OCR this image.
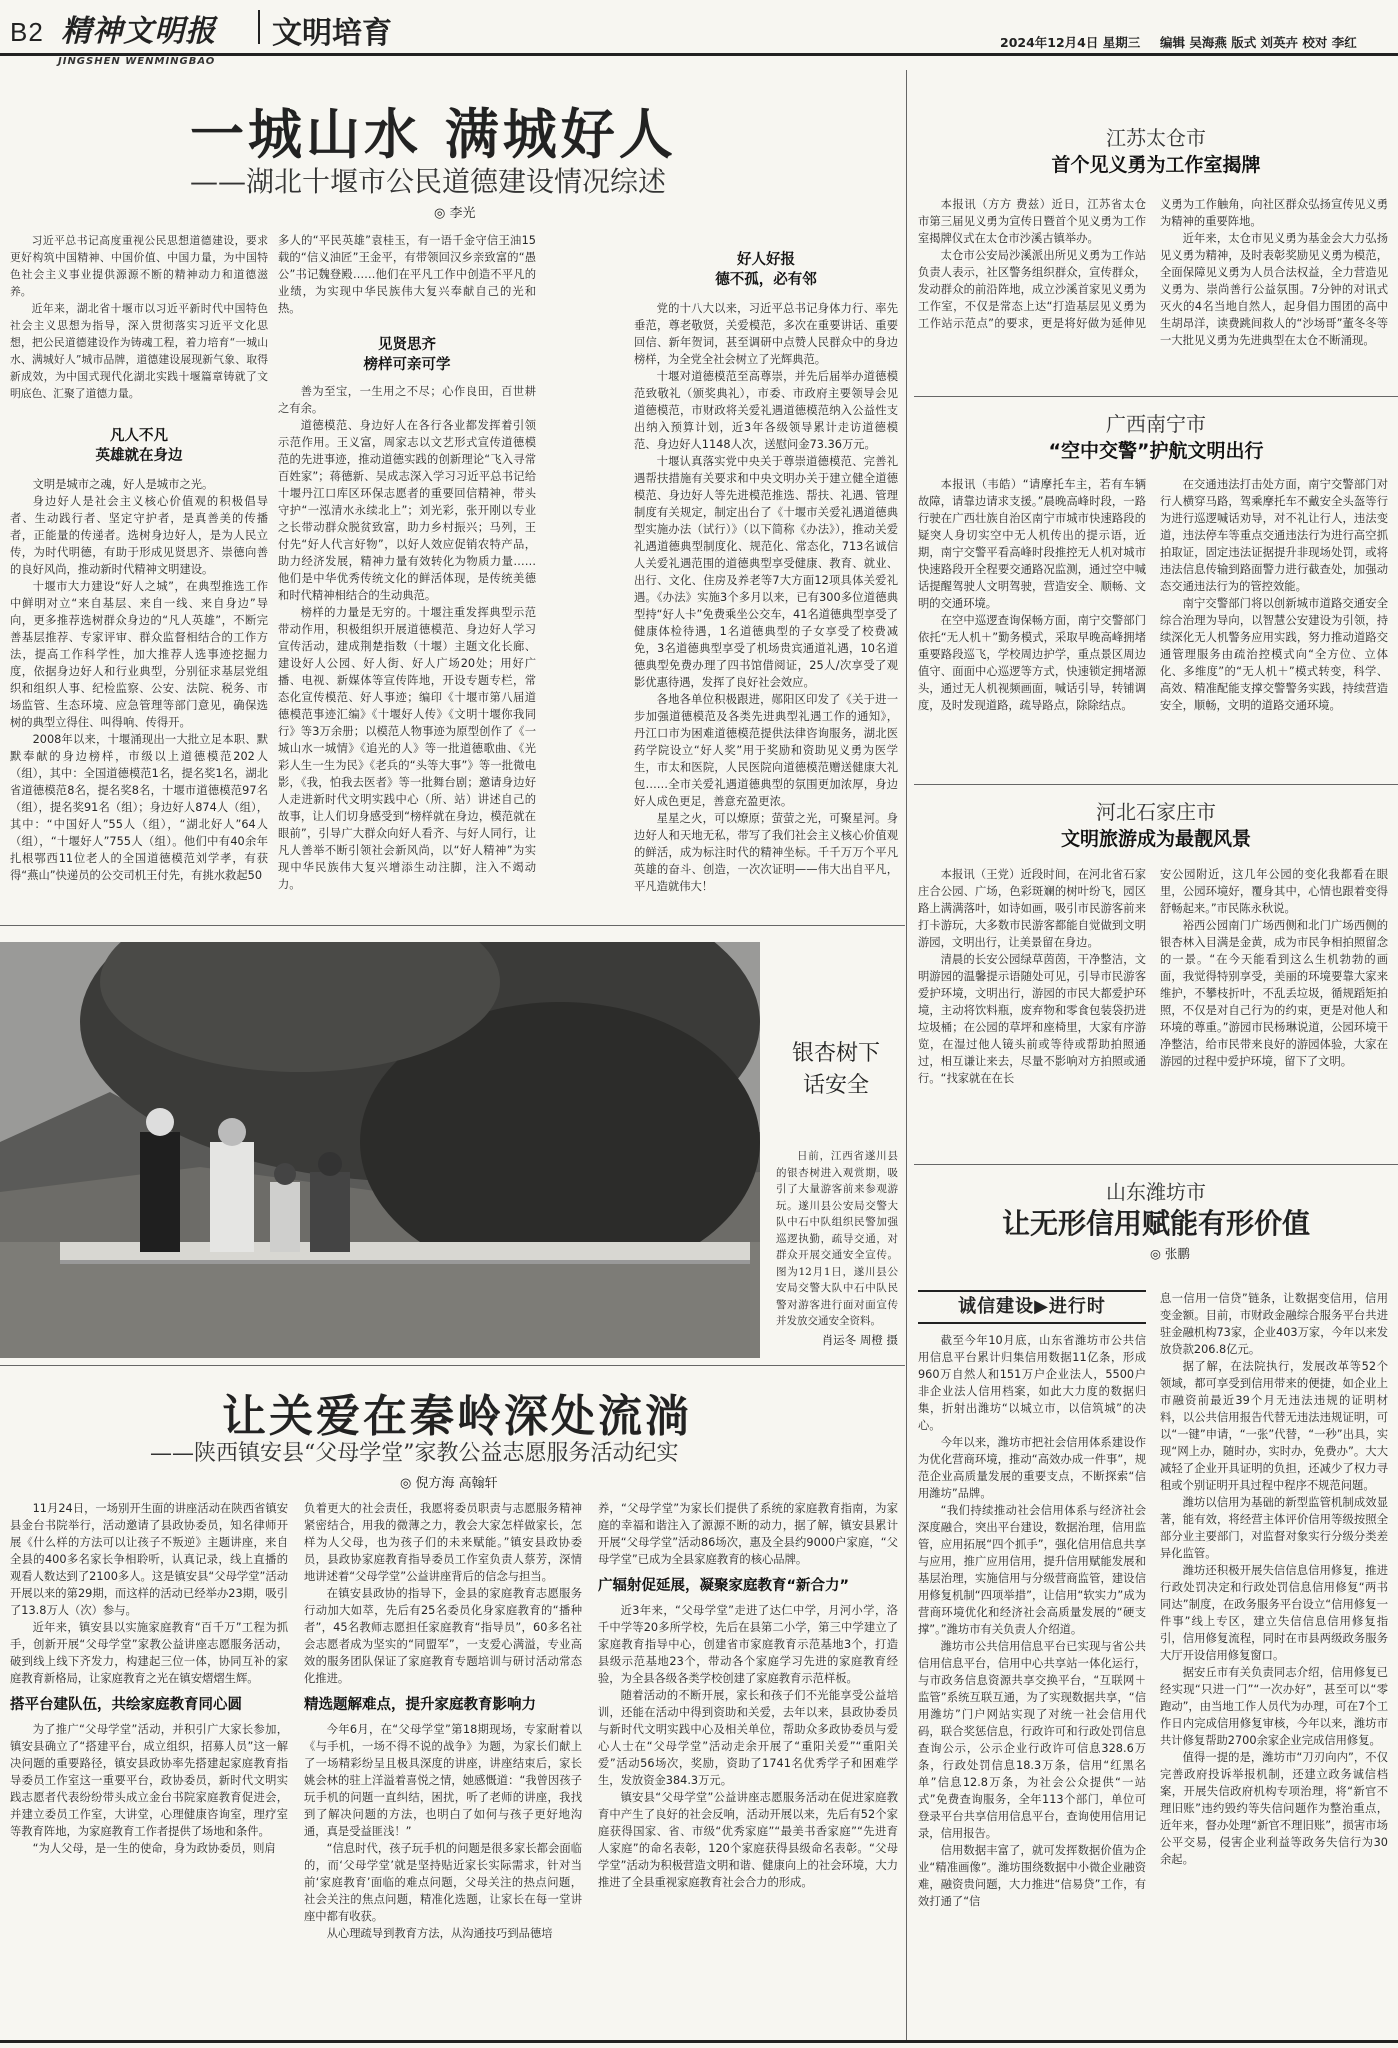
B2 精神文明报 文明培育
JINGSHEN WENMINGBAO
2024年12月4日 星期三 编辑 吴海燕 版式 刘英卉 校对 李红
一城山水 满城好人
——湖北十堰市公民道德建设情况综述
◎ 李光

习近平总书记高度重视公民思想道德建设，要求更好构筑中国精神、中国价值、中国力量，为中国特色社会主义事业提供源源不断的精神动力和道德滋养。

近年来，湖北省十堰市以习近平新时代中国特色社会主义思想为指导，深入贯彻落实习近平文化思想，把公民道德建设作为铸魂工程，着力培育“一城山水、满城好人”城市品牌，道德建设展现新气象、取得新成效，为中国式现代化湖北实践十堰篇章铸就了文明底色、汇聚了道德力量。

凡人不凡
英雄就在身边

文明是城市之魂，好人是城市之光。

身边好人是社会主义核心价值观的积极倡导者、生动践行者、坚定守护者，是真善美的传播者，正能量的传递者。选树身边好人，是为人民立传，为时代明德，有助于形成见贤思齐、崇德向善的良好风尚，推动新时代精神文明建设。

十堰市大力建设“好人之城”，在典型推选工作中鲜明对立“来自基层、来自一线、来自身边”导向，更多推荐选树群众身边的“凡人英雄”，不断完善基层推荐、专家评审、群众监督相结合的工作方法，提高工作科学性，加大推荐人选事迹挖掘力度，依据身边好人和行业典型，分别征求基层党组织和组织人事、纪检监察、公安、法院、税务、市场监管、生态环境、应急管理等部门意见，确保选树的典型立得住、叫得响、传得开。

2008年以来，十堰涌现出一大批立足本职、默默奉献的身边榜样，市级以上道德模范202人（组），其中：全国道德模范1名，提名奖1名，湖北省道德模范8名，提名奖8名，十堰市道德模范97名（组），提名奖91名（组）；身边好人874人（组），其中：“中国好人”55人（组），“湖北好人”64人（组），“十堰好人”755人（组）。他们中有40余年扎根鄂西11位老人的全国道德模范刘学孝，有获得“燕山”快递员的公交司机王付先，有挑水救起50

多人的“平民英雄”袁桂玉，有一语千金守信王油15载的“信义油匠”王金平，有带领回汉乡亲致富的“愚公”书记魏登殿……他们在平凡工作中创造不平凡的业绩，为实现中华民族伟大复兴奉献自己的光和热。

见贤思齐
榜样可亲可学

善为至宝，一生用之不尽；心作良田，百世耕之有余。

道德模范、身边好人在各行各业都发挥着引领示范作用。王义富，周家志以文艺形式宣传道德模范的先进事迹，推动道德实践的创新理论“飞入寻常百姓家”；蒋德新、吴成志深入学习习近平总书记给十堰丹江口库区环保志愿者的重要回信精神，带头守护“一泓清水永续北上”；刘光彩，张开刚以专业之长带动群众脱贫致富，助力乡村振兴；马列，王付先“好人代言好物”，以好人效应促销农特产品，助力经济发展，精神力量有效转化为物质力量……他们是中华优秀传统文化的鲜活体现，是传统美德和时代精神相结合的生动典范。

榜样的力量是无穷的。十堰注重发挥典型示范带动作用，积极组织开展道德模范、身边好人学习宣传活动，建成荆楚指数（十堰）主题文化长廊、建设好人公园、好人街、好人广场20处；用好广播、电视、新媒体等宣传阵地，开设专题专栏，常态化宣传模范、好人事迹；编印《十堰市第八届道德模范事迹汇编》《十堰好人传》《文明十堰你我同行》等3万余册；以模范人物事迹为原型创作了《一城山水一城情》《追光的人》等一批道德歌曲、《光彩人生一生为民》《老兵的“头等大事”》等一批微电影，《我，怕我去医者》等一批舞台剧；邀请身边好人走进新时代文明实践中心（所、站）讲述自己的故事，让人们切身感受到“榜样就在身边，模范就在眼前”，引导广大群众向好人看齐、与好人同行，让凡人善举不断引领社会新风尚，以“好人精神”为实现中华民族伟大复兴增添生动注脚，注入不竭动力。

好人好报
德不孤，必有邻

党的十八大以来，习近平总书记身体力行、率先垂范，尊老敬贤，关爱模范，多次在重要讲话、重要回信、新年贺词，甚至调研中点赞人民群众中的身边榜样，为全党全社会树立了光辉典范。

十堰对道德模范至高尊崇，并先后届举办道德模范致敬礼（颁奖典礼），市委、市政府主要领导会见道德模范，市财政将关爱礼遇道德模范纳入公益性支出纳入预算计划，近3年各级领导累计走访道德模范、身边好人1148人次，送慰问金73.36万元。

十堰认真落实党中央关于尊崇道德模范、完善礼遇帮扶措施有关要求和中央文明办关于建立健全道德模范、身边好人等先进模范推选、帮扶、礼遇、管理制度有关规定，制定出台了《十堰市关爱礼遇道德典型实施办法（试行）》（以下简称《办法》），推动关爱礼遇道德典型制度化、规范化、常态化，713名诚信人关爱礼遇范围的道德典型享受健康、教育、就业、出行、文化、住房及养老等7大方面12项具体关爱礼遇。《办法》实施3个多月以来，已有300多位道德典型持“好人卡”免费乘坐公交车，41名道德典型享受了健康体检待遇，1名道德典型的子女享受了校费减免，3名道德典型享受了机场贵宾通道礼遇，10名道德典型免费办理了四书馆借阅证，25人/次享受了观影优惠待遇，发挥了良好社会效应。

各地各单位积极跟进，郧阳区印发了《关于进一步加强道德模范及各类先进典型礼遇工作的通知》，丹江口市为困难道德模范提供法律咨询服务，湖北医药学院设立“好人奖”用于奖励和资助见义勇为医学生，市太和医院，人民医院向道德模范赠送健康大礼包……全市关爱礼遇道德典型的氛围更加浓厚，身边好人成色更足，善意充盈更浓。

星星之火，可以燎原；萤萤之光，可聚星河。身边好人和天地无私，带写了我们社会主义核心价值观的鲜活，成为标注时代的精神坐标。千千万万个平凡英雄的奋斗、创造，一次次证明——伟大出自平凡，平凡造就伟大！

银杏树下
话安全

日前，江西省遂川县的银杏树进入观赏期，吸引了大量游客前来参观游玩。遂川县公安局交警大队中石中队组织民警加强巡逻执勤，疏导交通，对群众开展交通安全宣传。图为12月1日，遂川县公安局交警大队中石中队民警对游客进行面对面宣传并发放交通安全资料。

肖运冬 周橙 摄
让关爱在秦岭深处流淌
——陕西镇安县“父母学堂”家教公益志愿服务活动纪实
◎ 倪方海 高翰轩

11月24日，一场别开生面的讲座活动在陕西省镇安县金台书院举行，活动邀请了县政协委员，知名律师开展《什么样的方法可以让孩子不叛逆》主题讲座，来自全县的400多名家长争相聆听，认真记录，线上直播的观看人数达到了2100多人。这是镇安县“父母学堂”活动开展以来的第29期，而这样的活动已经举办23期，吸引了13.8万人（次）参与。

近年来，镇安县以实施家庭教育“百千万”工程为抓手，创新开展“父母学堂”家教公益讲座志愿服务活动，破到线上线下齐发力，构建起三位一体，协同互补的家庭教育新格局，让家庭教育之光在镇安熠熠生辉。

搭平台建队伍，共绘家庭教育同心圆

为了推广“父母学堂”活动，并积引广大家长参加，镇安县确立了“搭建平台，成立组织，招募人员”这一解决问题的重要路径，镇安县政协率先搭建起家庭教育指导委员工作室这一重要平台，政协委员，新时代文明实践志愿者代表纷纷带头成立金台书院家庭教育促进会，并建立委员工作室，大讲堂，心理健康咨询室，理疗室等教育阵地，为家庭教育工作者提供了场地和条件。

“为人父母，是一生的使命，身为政协委员，则肩

负着更大的社会责任，我愿将委员职责与志愿服务精神紧密结合，用我的微薄之力，教会大家怎样做家长，怎样为人父母，也为孩子们的未来赋能。”镇安县政协委员，县政协家庭教育指导委员工作室负责人蔡芳，深情地讲述着“父母学堂”公益讲座背后的信念与担当。

在镇安县政协的指导下，金县的家庭教育志愿服务行动加大如萃，先后有25名委员化身家庭教育的“播种者”，45名教师志愿担任家庭教育“指导员”，60多名社会志愿者成为坚实的“同盟军”，一支爱心满溢，专业高效的服务团队保证了家庭教育专题培训与研讨活动常态化推进。

精选题解难点，提升家庭教育影响力

今年6月，在“父母学堂”第18期现场，专家耐着以《与手机，一场不得不说的战争》为题，为家长们献上了一场精彩纷呈且极具深度的讲座，讲座结束后，家长姚会林的驻上洋溢着喜悦之情，她感慨道：“我曾因孩子玩手机的问题一直纠结，困扰，听了老师的讲座，我找到了解决问题的方法，也明白了如何与孩子更好地沟通，真是受益匪浅！”

“信息时代，孩子玩手机的问题是很多家长都会面临的，而‘父母学堂’就是坚持贴近家长实际需求，针对当前‘家庭教育’面临的难点问题，父母关注的热点问题，社会关注的焦点问题，精准化选题，让家长在每一堂讲座中都有收获。

从心理疏导到教育方法，从沟通技巧到品德培

养，“父母学堂”为家长们提供了系统的家庭教育指南，为家庭的幸福和谐注入了源源不断的动力，据了解，镇安县累计开展“父母学堂”活动86场次，惠及全县约9000户家庭，“父母学堂”已成为全县家庭教育的核心品牌。

广辐射促延展，凝聚家庭教育“新合力”

近3年来，“父母学堂”走进了达仁中学，月河小学，洛千中学等20多所学校，先后在县第二小学，第三中学建立了家庭教育指导中心，创建省市家庭教育示范基地3个，打造县级示范基地23个，带动各个家庭学习先进的家庭教育经验，为全县各级各类学校创建了家庭教育示范样板。

随着活动的不断开展，家长和孩子们不光能享受公益培训，还能在活动中得到资助和关爱，去年以来，县政协委员与新时代文明实践中心及相关单位，帮助众多政协委员与爱心人士在“父母学堂”活动走余开展了“重阳关爱”“重阳关爱”活动56场次，奖励，资助了1741名优秀学子和困难学生，发放资金384.3万元。

镇安县“父母学堂”公益讲座志愿服务活动在促进家庭教育中产生了良好的社会反响，活动开展以来，先后有52个家庭获得国家、省、市级“优秀家庭”“最美书香家庭”“先进育人家庭”的命名表彰，120个家庭获得县级命名表彰。“父母学堂”活动为积极营造文明和谐、健康向上的社会环境，大力推进了全县重视家庭教育社会合力的形成。

江苏太仓市
首个见义勇为工作室揭牌

本报讯（方方 费兹）近日，江苏省太仓市第三届见义勇为宣传日暨首个见义勇为工作室揭牌仪式在太仓市沙溪古镇举办。

太仓市公安局沙溪派出所见义勇为工作站负责人表示，社区警务组织群众，宣传群众，发动群众的前沿阵地，成立沙溪首家见义勇为工作室，不仅是常态上达“打造基层见义勇为工作站示范点”的要求，更是将好做为延伸见义勇为工作触角，向社区群众弘扬宣传见义勇为精神的重要阵地。

近年来，太仓市见义勇为基金会大力弘扬见义勇为精神，及时表彰奖励见义勇为模范，全面保障见义勇为人员合法权益，全力营造见义勇为、崇尚善行公益氛围。7分钟的对讯式灭火的4名当地自然人，起身倡力围团的高中生胡昂洋，读费跳间救人的“沙场哥”董冬冬等一大批见义勇为先进典型在太仓不断涌现。

广西南宁市
“空中交警”护航文明出行

本报讯（韦皓）“请摩托车主，若有车辆故障，请靠边请求支援。”晨晚高峰时段，一路行驶在广西壮族自治区南宁市城市快速路段的疑突人身切实空中无人机传出的提示语，近期，南宁交警平看高峰时段推控无人机对城市快速路段开全程要交通路况监测，通过空中喊话提醒驾驶人文明驾驶，营造安全、顺畅、文明的交通环境。

在空中巡逻查询保畅方面，南宁交警部门依托“无人机＋”勤务模式，采取早晚高峰拥堵重要路段巡飞，学校周边护学，重点景区周边值守、面面中心巡逻等方式，快速锁定拥堵源头，通过无人机视频画面，喊话引导，转铺调度，及时发现道路，疏导路点，除除结点。

在交通违法打击处方面，南宁交警部门对行人横穿马路，驾乘摩托车不戴安全头盔等行为进行巡逻喊话劝导，对不礼让行人，违法变道，违法停车等重点交通违法行为进行高空抓拍取证，固定违法证据提升非现场处罚，或将违法信息传输到路面警力进行截查处，加强动态交通违法行为的管控效能。

南宁交警部门将以创新城市道路交通安全综合治理为导向，以智慧公安建设为引领，持续深化无人机警务应用实践，努力推动道路交通管理服务由疏治控模式向“全方位、立体化、多维度”的“无人机＋”模式转变，科学、高效、精准配能支撑交警警务实践，持续营造安全，顺畅，文明的道路交通环境。

河北石家庄市
文明旅游成为最靓风景

本报讯（王党）近段时间，在河北省石家庄合公园、广场，色彩斑斓的树叶纷飞，园区路上满满落叶，如诗如画，吸引市民游客前来打卡游玩，大多数市民游客都能自觉做到文明游园，文明出行，让美景留在身边。

清晨的长安公园绿草茵茵，干净整洁，文明游园的温馨提示语随处可见，引导市民游客爱护环境，文明出行，游园的市民大都爱护环境，主动将饮料瓶，废弃物和零食包装袋扔进垃圾桶；在公园的草坪和座椅里，大家有序游览，在湿过他人镜头前或等待或帮助拍照通过，相互谦让来去，尽量不影响对方拍照或通行。“找家就在在长

安公园附近，这几年公园的变化我都看在眼里，公园环境好，覆身其中，心情也跟着变得舒畅起来。”市民陈永秋说。

裕西公园南门广场西侧和北门广场西侧的银杏林入目满是金黄，成为市民争相拍照留念的一景。“在今天能看到这么生机勃勃的画面，我觉得特别享受，美丽的环境要靠大家来维护，不攀枝折叶，不乱丢垃圾，循规蹈矩拍照，不仅是对自己行为的约束，更是对他人和环境的尊重。”游园市民杨琳说道，公园环境干净整洁，给市民带来良好的游园体验，大家在游园的过程中爱护环境，留下了文明。

山东潍坊市
让无形信用赋能有形价值
◎ 张鹏
诚信建设▶进行时

截至今年10月底，山东省潍坊市公共信用信息平台累计归集信用数据11亿条，形成960万自然人和151万户企业法人，5500户非企业法人信用档案，如此大力度的数据归集，折射出潍坊“以城立市，以信筑城”的决心。

今年以来，潍坊市把社会信用体系建设作为优化营商环境，推动“高效办成一件事”，规范企业高质量发展的重要支点，不断探索“信用潍坊”品牌。

“我们持续推动社会信用体系与经济社会深度融合，突出平台建设，数据治理，信用监管，应用拓展“四个抓手”，强化信用信息共享与应用，推广应用信用，提升信用赋能发展和基层治理，实施信用与分级营商监管，建设信用修复机制“四项举措”，让信用“软实力”成为营商环境优化和经济社会高质量发展的“硬支撑”。”潍坊市有关负责人介绍道。

潍坊市公共信用信息平台已实现与省公共信用信息平台，信用中心共享站一体化运行，与市政务信息资源共享交换平台，“互联网＋监管”系统互联互通，为了实现数据共享，“信用潍坊”门户网站实现了对统一社会信用代码，联合奖惩信息，行政许可和行政处罚信息查询公示，公示企业行政许可信息328.6万条，行政处罚信息18.3万条，信用“红黑名单”信息12.8万条，为社会公众提供“一站式”免费查询服务，全年113个部门，单位可登录平台共享信用信息平台，查询使用信用记录，信用报告。

信用数据丰富了，就可发挥数据价值为企业“精准画像”。潍坊围绕数据中小微企业融资难，融资贵问题，大力推进“信易贷”工作，有效打通了“信

息一信用一信贷”链条，让数据变信用，信用变金额。目前，市财政金融综合服务平台共进驻金融机构73家，企业403万家，今年以来发放贷款206.8亿元。

据了解，在法院执行，发展改革等52个领域，都可享受到信用带来的便捷，如企业上市融资前最近39个月无违法违规的证明材料，以公共信用报告代替无违法违规证明，可以“一键”申请，“一张”代替，“一秒”出具，实现“网上办，随时办，实时办，免费办”。大大减轻了企业开具证明的负担，还减少了权力寻租或个别证明开具过程中程序不规范问题。

潍坊以信用为基础的新型监管机制成效显著，能有效，将经营主体评价信用等级按照全部分业主要部门，对监督对象实行分级分类差异化监管。

潍坊还积极开展失信信息信用修复，推进行政处罚决定和行政处罚信息信用修复“两书同达”制度，在政务服务平台设立“信用修复一件事”线上专区，建立失信信息信用修复指引，信用修复流程，同时在市县两级政务服务大厅开设信用修复窗口。

据安丘市有关负责同志介绍，信用修复已经实现“只进一门”“一次办好”，甚至可以“零跑动”，由当地工作人员代为办理，可在7个工作日内完成信用修复审核，今年以来，潍坊市共计修复帮助2700余家企业完成信用修复。

值得一提的是，潍坊市“刀刃向内”，不仅完善政府投诉举报机制，还建立政务诚信档案，开展失信政府机构专项治理，将“新官不理旧账”违约毁约等失信问题作为整治重点，近年来，督办处理“新官不理旧账”，损害市场公平交易，侵害企业利益等政务失信行为30余起。
